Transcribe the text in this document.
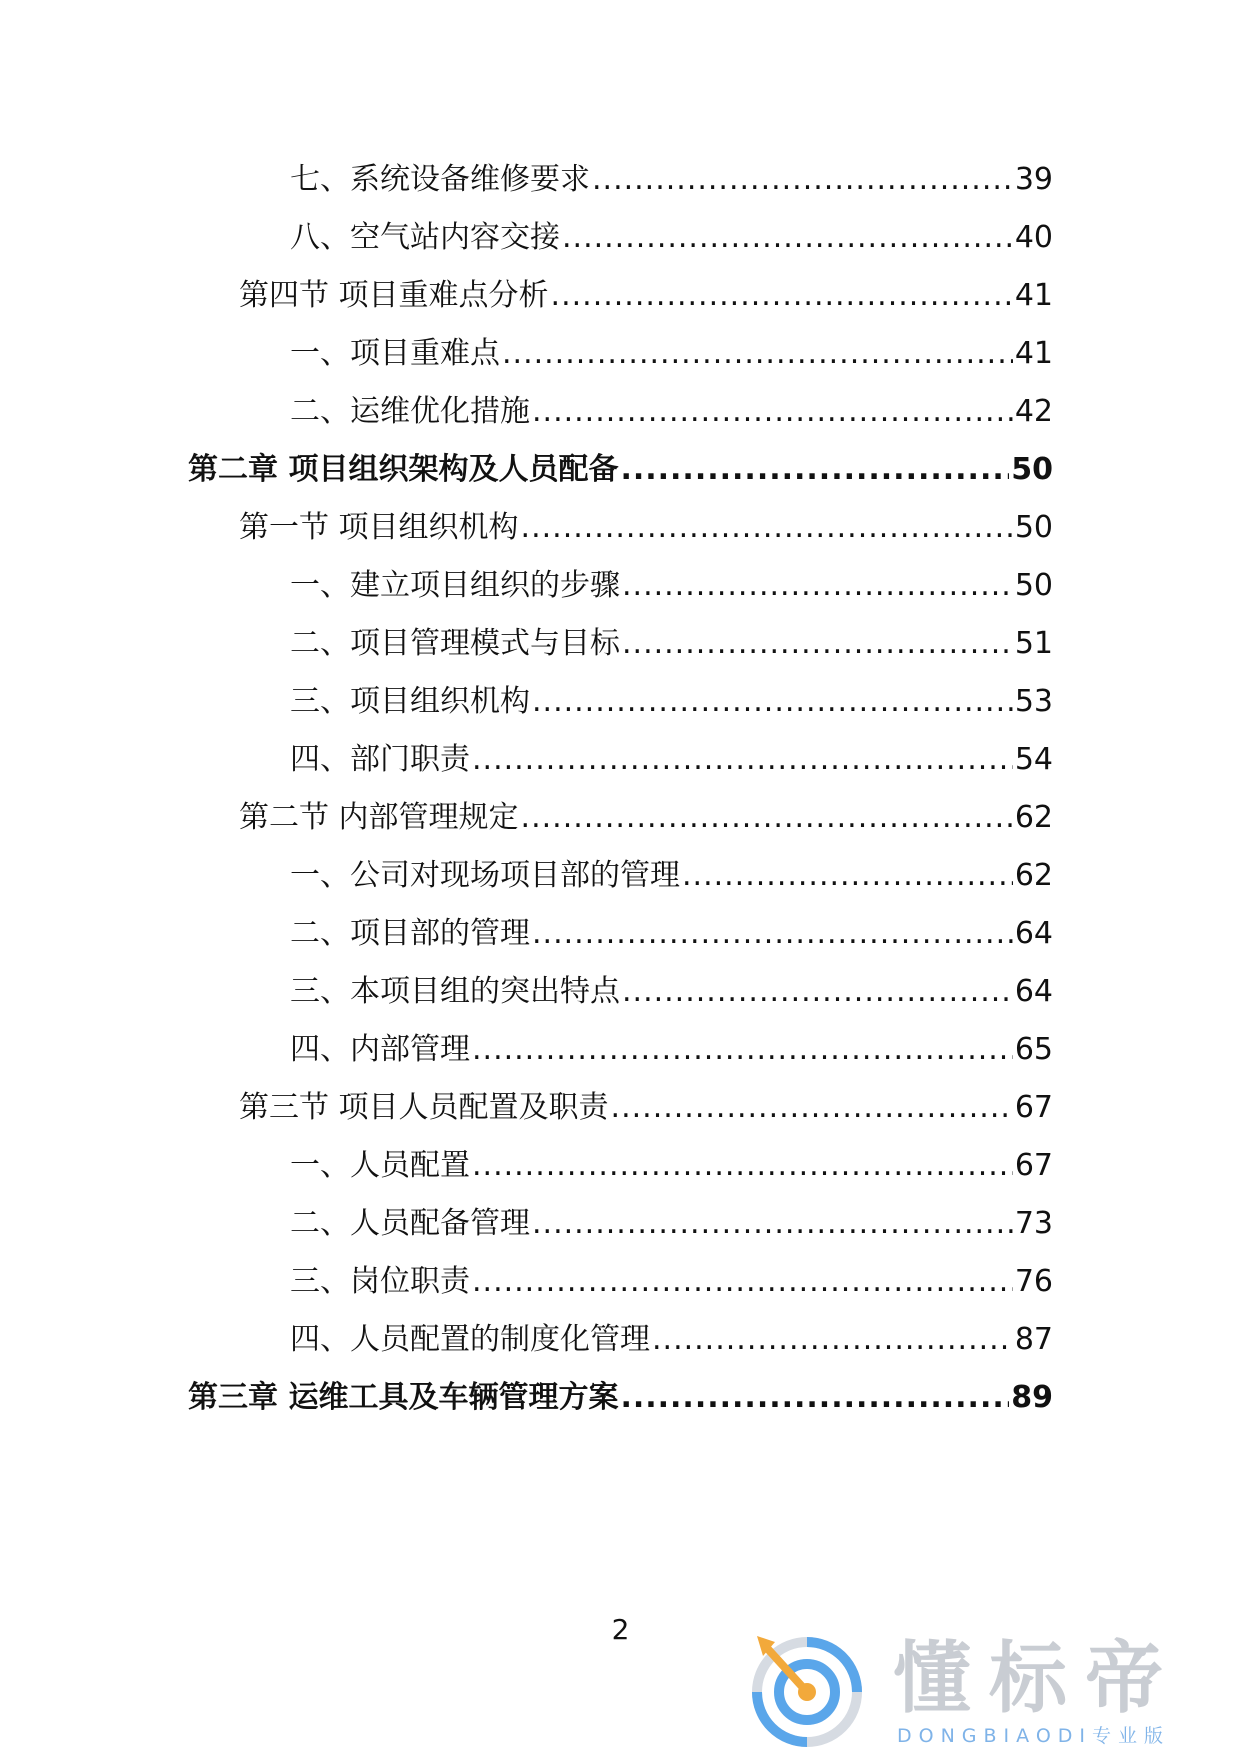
七、系统设备维修要求 .....	39
八、空气站内容交接 .....	40
第四节 项目重难点分析 .....	41
一、项目重难点 .....	41
二、运维优化措施 .....	42
第二章 项目组织架构及人员配备 .....	50
第一节 项目组织机构 .....	50
一、建立项目组织的步骤 .....	50
二、项目管理模式与目标 .....	51
三、项目组织机构 .....	53
四、部门职责 .....	54
第二节 内部管理规定 .....	62
一、公司对现场项目部的管理 .....	62
二、项目部的管理 .....	64
三、本项目组的突出特点 .....	64
四、内部管理 .....	65
第三节 项目人员配置及职责 .....	67
一、人员配置 .....	67
二、人员配备管理 .....	73
三、岗位职责 .....	76
四、人员配置的制度化管理 .....	87
第三章 运维工具及车辆管理方案 .....	89
2
懂标帝
DONGBIAODI专业版
